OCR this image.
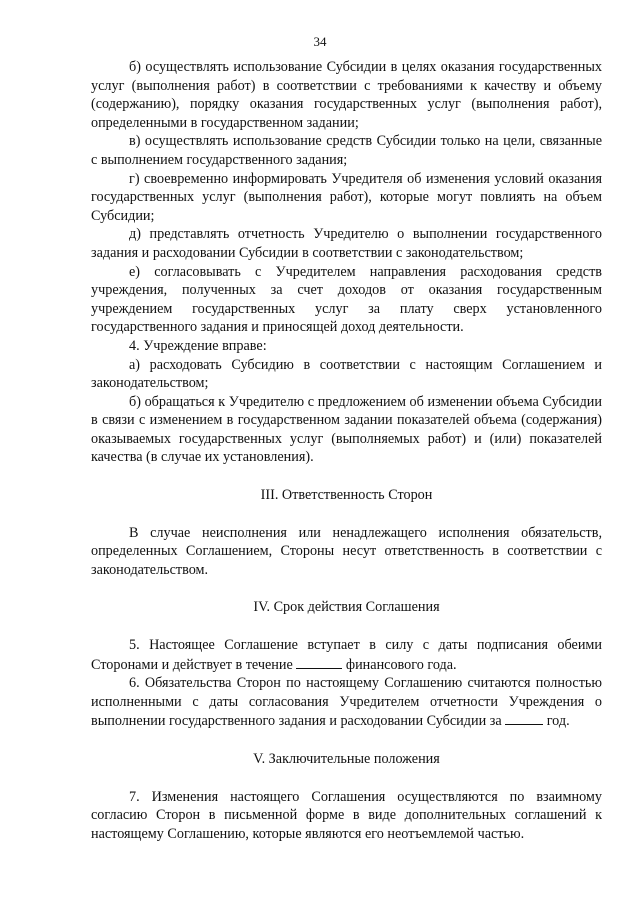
34

б) осуществлять использование Субсидии в целях оказания государственных услуг (выполнения работ) в соответствии с требованиями к качеству и объему (содержанию), порядку оказания государственных услуг (выполнения работ), определенными в государственном задании;

в) осуществлять использование средств Субсидии только на цели, связанные с выполнением государственного задания;

г) своевременно информировать Учредителя об изменения условий оказания государственных услуг (выполнения работ), которые могут повлиять на объем Субсидии;

д) представлять отчетность Учредителю о выполнении государственного задания и расходовании Субсидии в соответствии с законодательством;

е) согласовывать с Учредителем направления расходования средств учреждения, полученных за счет доходов от оказания государственным учреждением государственных услуг за плату сверх установленного государственного задания и приносящей доход деятельности.

4. Учреждение вправе:

а) расходовать Субсидию в соответствии с настоящим Соглашением и законодательством;

б) обращаться к Учредителю с предложением об изменении объема Субсидии в связи с изменением в государственном задании показателей объема (содержания) оказываемых государственных услуг (выполняемых работ) и (или) показателей качества (в случае их установления).

III. Ответственность Сторон

В случае неисполнения или ненадлежащего исполнения обязательств, определенных Соглашением, Стороны несут ответственность в соответствии с законодательством.

IV. Срок действия Соглашения

5. Настоящее Соглашение вступает в силу с даты подписания обеими Сторонами и действует в течение	финансового года.

6. Обязательства Сторон по настоящему Соглашению считаются полностью исполненными с даты согласования Учредителем отчетности Учреждения о выполнении государственного задания и расходовании Субсидии за	год.

V. Заключительные положения

7. Изменения настоящего Соглашения осуществляются по взаимному согласию Сторон в письменной форме в виде дополнительных соглашений к настоящему Соглашению, которые являются его неотъемлемой частью.
